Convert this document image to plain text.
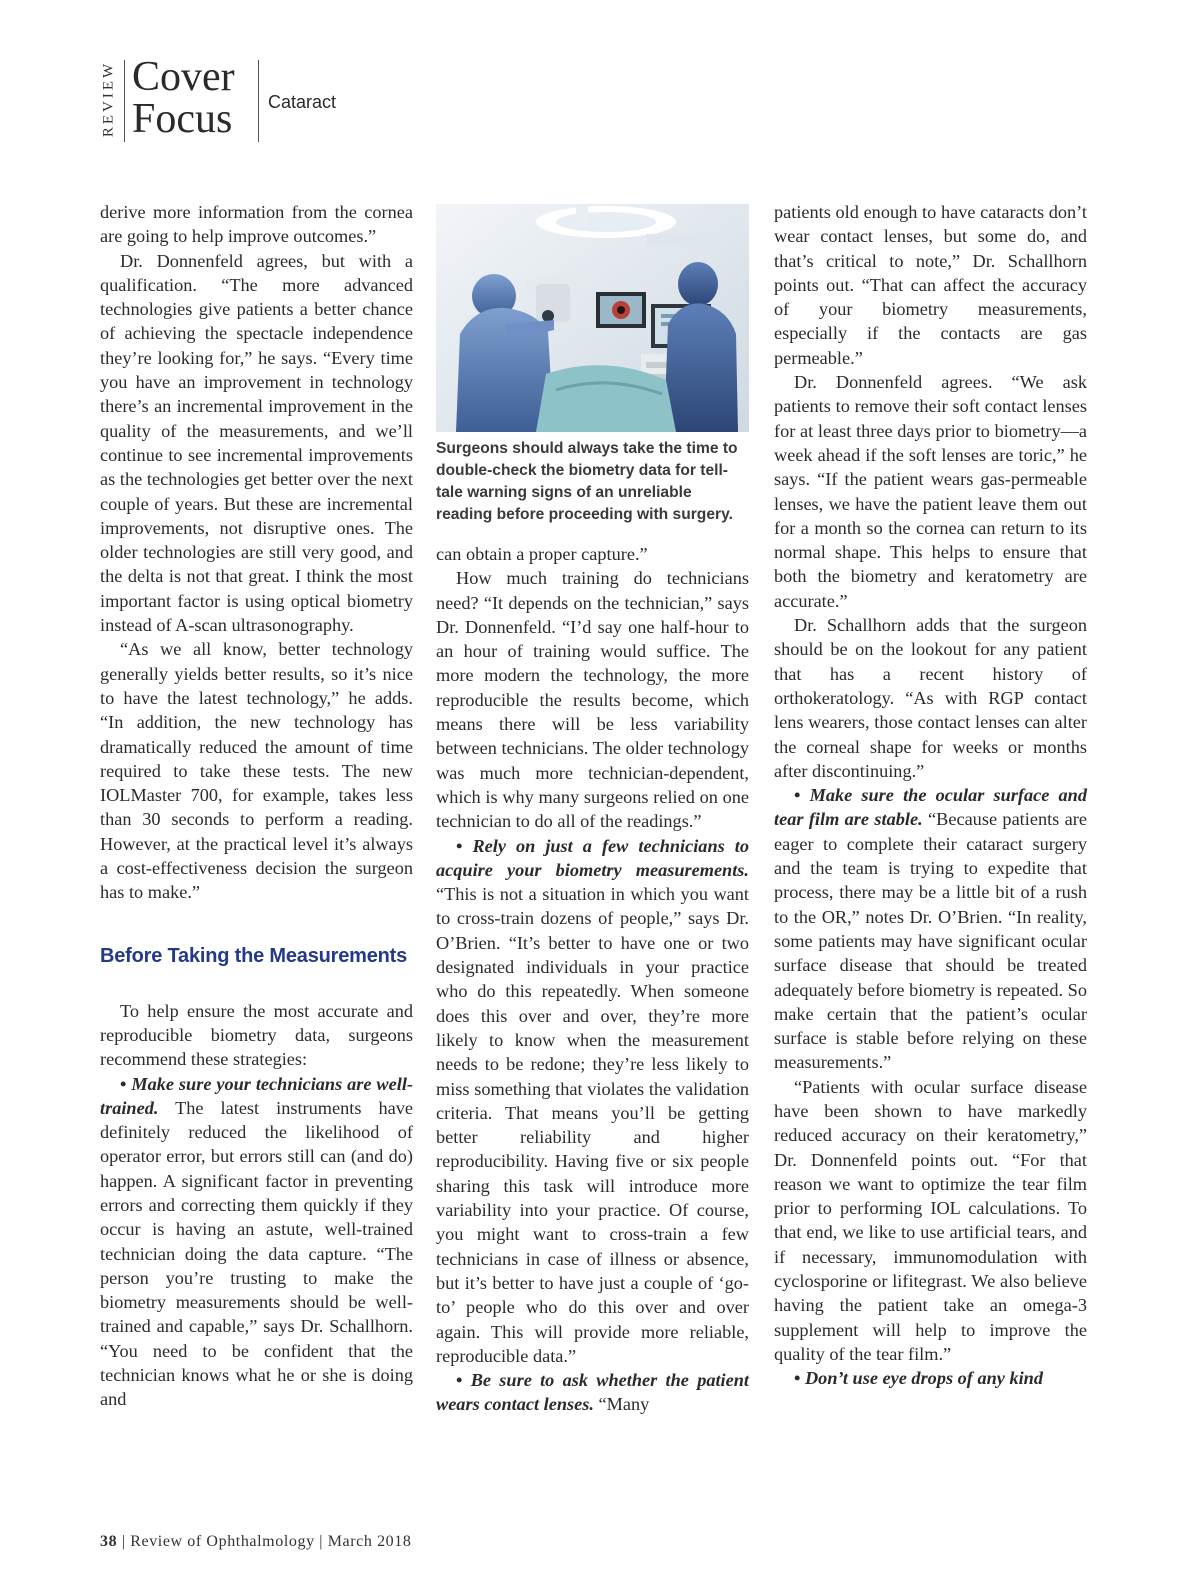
REVIEW Cover
Focus Cataract

derive more information from the cornea are going to help improve outcomes.”

Dr. Donnenfeld agrees, but with a qualification. “The more advanced technologies give patients a better chance of achieving the spectacle independence they’re looking for,” he says. “Every time you have an improvement in technology there’s an incremental improvement in the quality of the measurements, and we’ll continue to see incremental improvements as the technologies get better over the next couple of years. But these are incremental improvements, not disruptive ones. The older technologies are still very good, and the delta is not that great. I think the most important factor is using optical biometry instead of A-scan ultrasonography.

“As we all know, better technology generally yields better results, so it’s nice to have the latest technology,” he adds. “In addition, the new technology has dramatically reduced the amount of time required to take these tests. The new IOLMaster 700, for example, takes less than 30 seconds to perform a reading. However, at the practical level it’s always a cost-effectiveness decision the surgeon has to make.”

Before Taking the Measurements

To help ensure the most accurate and reproducible biometry data, surgeons recommend these strategies:

• Make sure your technicians are well-trained. The latest instruments have definitely reduced the likelihood of operator error, but errors still can (and do) happen. A significant factor in preventing errors and correcting them quickly if they occur is having an astute, well-trained technician doing the data capture. “The person you’re trusting to make the biometry measurements should be well-trained and capable,” says Dr. Schallhorn. “You need to be confident that the technician knows what he or she is doing and

Surgeons should always take the time to double-check the biometry data for tell-tale warning signs of an unreliable reading before proceeding with surgery.

can obtain a proper capture.”

How much training do technicians need? “It depends on the technician,” says Dr. Donnenfeld. “I’d say one half-hour to an hour of training would suffice. The more modern the technology, the more reproducible the results become, which means there will be less variability between technicians. The older technology was much more technician-dependent, which is why many surgeons relied on one technician to do all of the readings.”

• Rely on just a few technicians to acquire your biometry measurements. “This is not a situation in which you want to cross-train dozens of people,” says Dr. O’Brien. “It’s better to have one or two designated individuals in your practice who do this repeatedly. When someone does this over and over, they’re more likely to know when the measurement needs to be redone; they’re less likely to miss something that violates the validation criteria. That means you’ll be getting better reliability and higher reproducibility. Having five or six people sharing this task will introduce more variability into your practice. Of course, you might want to cross-train a few technicians in case of illness or absence, but it’s better to have just a couple of ‘go-to’ people who do this over and over again. This will provide more reliable, reproducible data.”

• Be sure to ask whether the patient wears contact lenses. “Many

patients old enough to have cataracts don’t wear contact lenses, but some do, and that’s critical to note,” Dr. Schallhorn points out. “That can affect the accuracy of your biometry measurements, especially if the contacts are gas permeable.”

Dr. Donnenfeld agrees. “We ask patients to remove their soft contact lenses for at least three days prior to biometry—a week ahead if the soft lenses are toric,” he says. “If the patient wears gas-permeable lenses, we have the patient leave them out for a month so the cornea can return to its normal shape. This helps to ensure that both the biometry and keratometry are accurate.”

Dr. Schallhorn adds that the surgeon should be on the lookout for any patient that has a recent history of orthokeratology. “As with RGP contact lens wearers, those contact lenses can alter the corneal shape for weeks or months after discontinuing.”

• Make sure the ocular surface and tear film are stable. “Because patients are eager to complete their cataract surgery and the team is trying to expedite that process, there may be a little bit of a rush to the OR,” notes Dr. O’Brien. “In reality, some patients may have significant ocular surface disease that should be treated adequately before biometry is repeated. So make certain that the patient’s ocular surface is stable before relying on these measurements.”

“Patients with ocular surface disease have been shown to have markedly reduced accuracy on their keratometry,” Dr. Donnenfeld points out. “For that reason we want to optimize the tear film prior to performing IOL calculations. To that end, we like to use artificial tears, and if necessary, immunomodulation with cyclosporine or lifitegrast. We also believe having the patient take an omega-3 supplement will help to improve the quality of the tear film.”

• Don’t use eye drops of any kind

38 | Review of Ophthalmology | March 2018
